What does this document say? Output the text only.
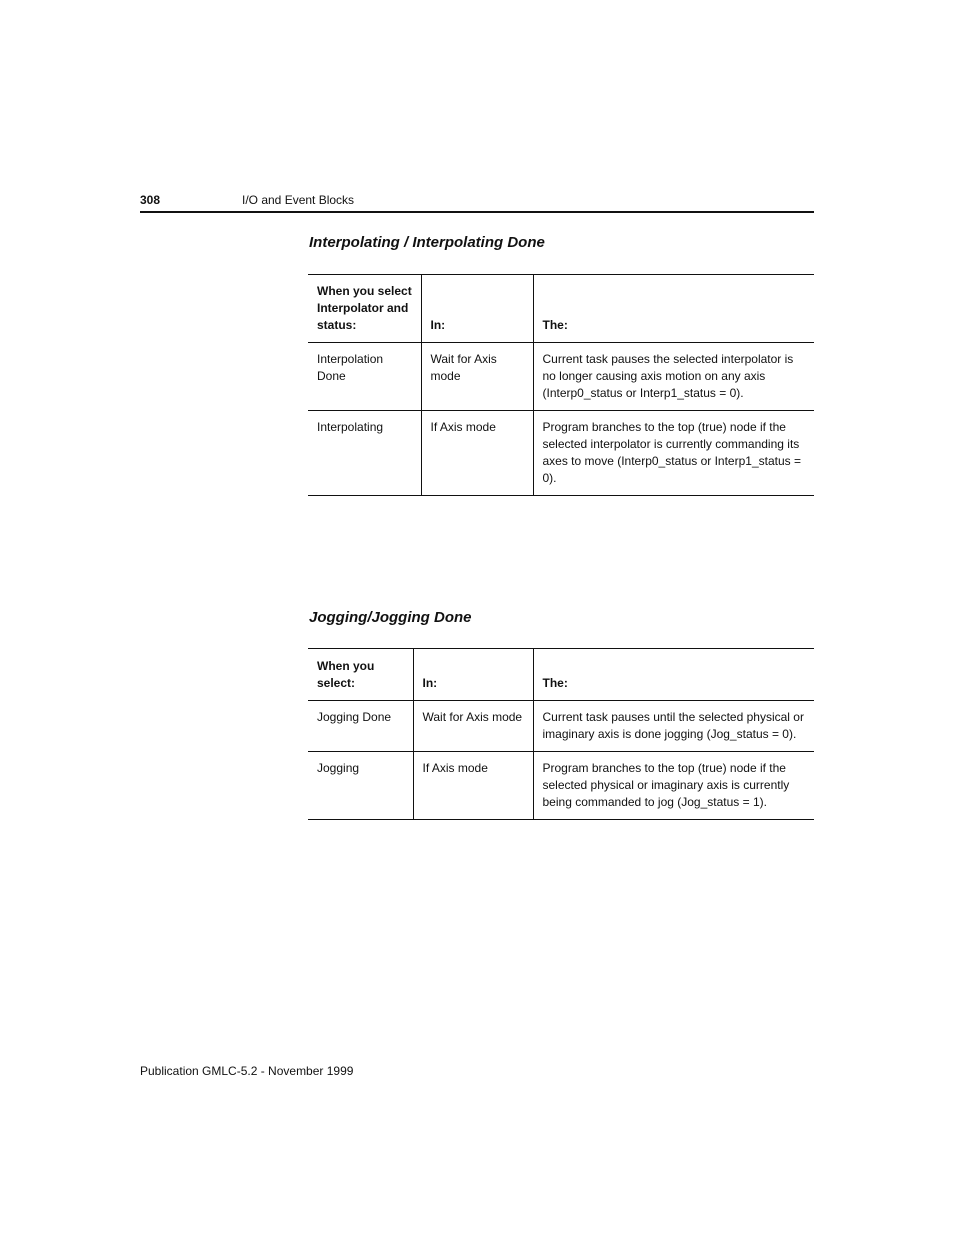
308	I/O and Event Blocks
Interpolating / Interpolating Done
When you select Interpolator and status:	In:	The:
Interpolation Done	Wait for Axis mode	Current task pauses the selected interpolator is no longer causing axis motion on any axis (Interp0_status or Interp1_status = 0).
Interpolating	If Axis mode	Program branches to the top (true) node if the selected interpolator is currently commanding its axes to move (Interp0_status or Interp1_status = 0).
Jogging/Jogging Done
When you select:	In:	The:
Jogging Done	Wait for Axis mode	Current task pauses until the selected physical or imaginary axis is done jogging (Jog_status = 0).
Jogging	If Axis mode	Program branches to the top (true) node if the selected physical or imaginary axis is currently being commanded to jog (Jog_status = 1).
Publication GMLC-5.2 - November 1999
